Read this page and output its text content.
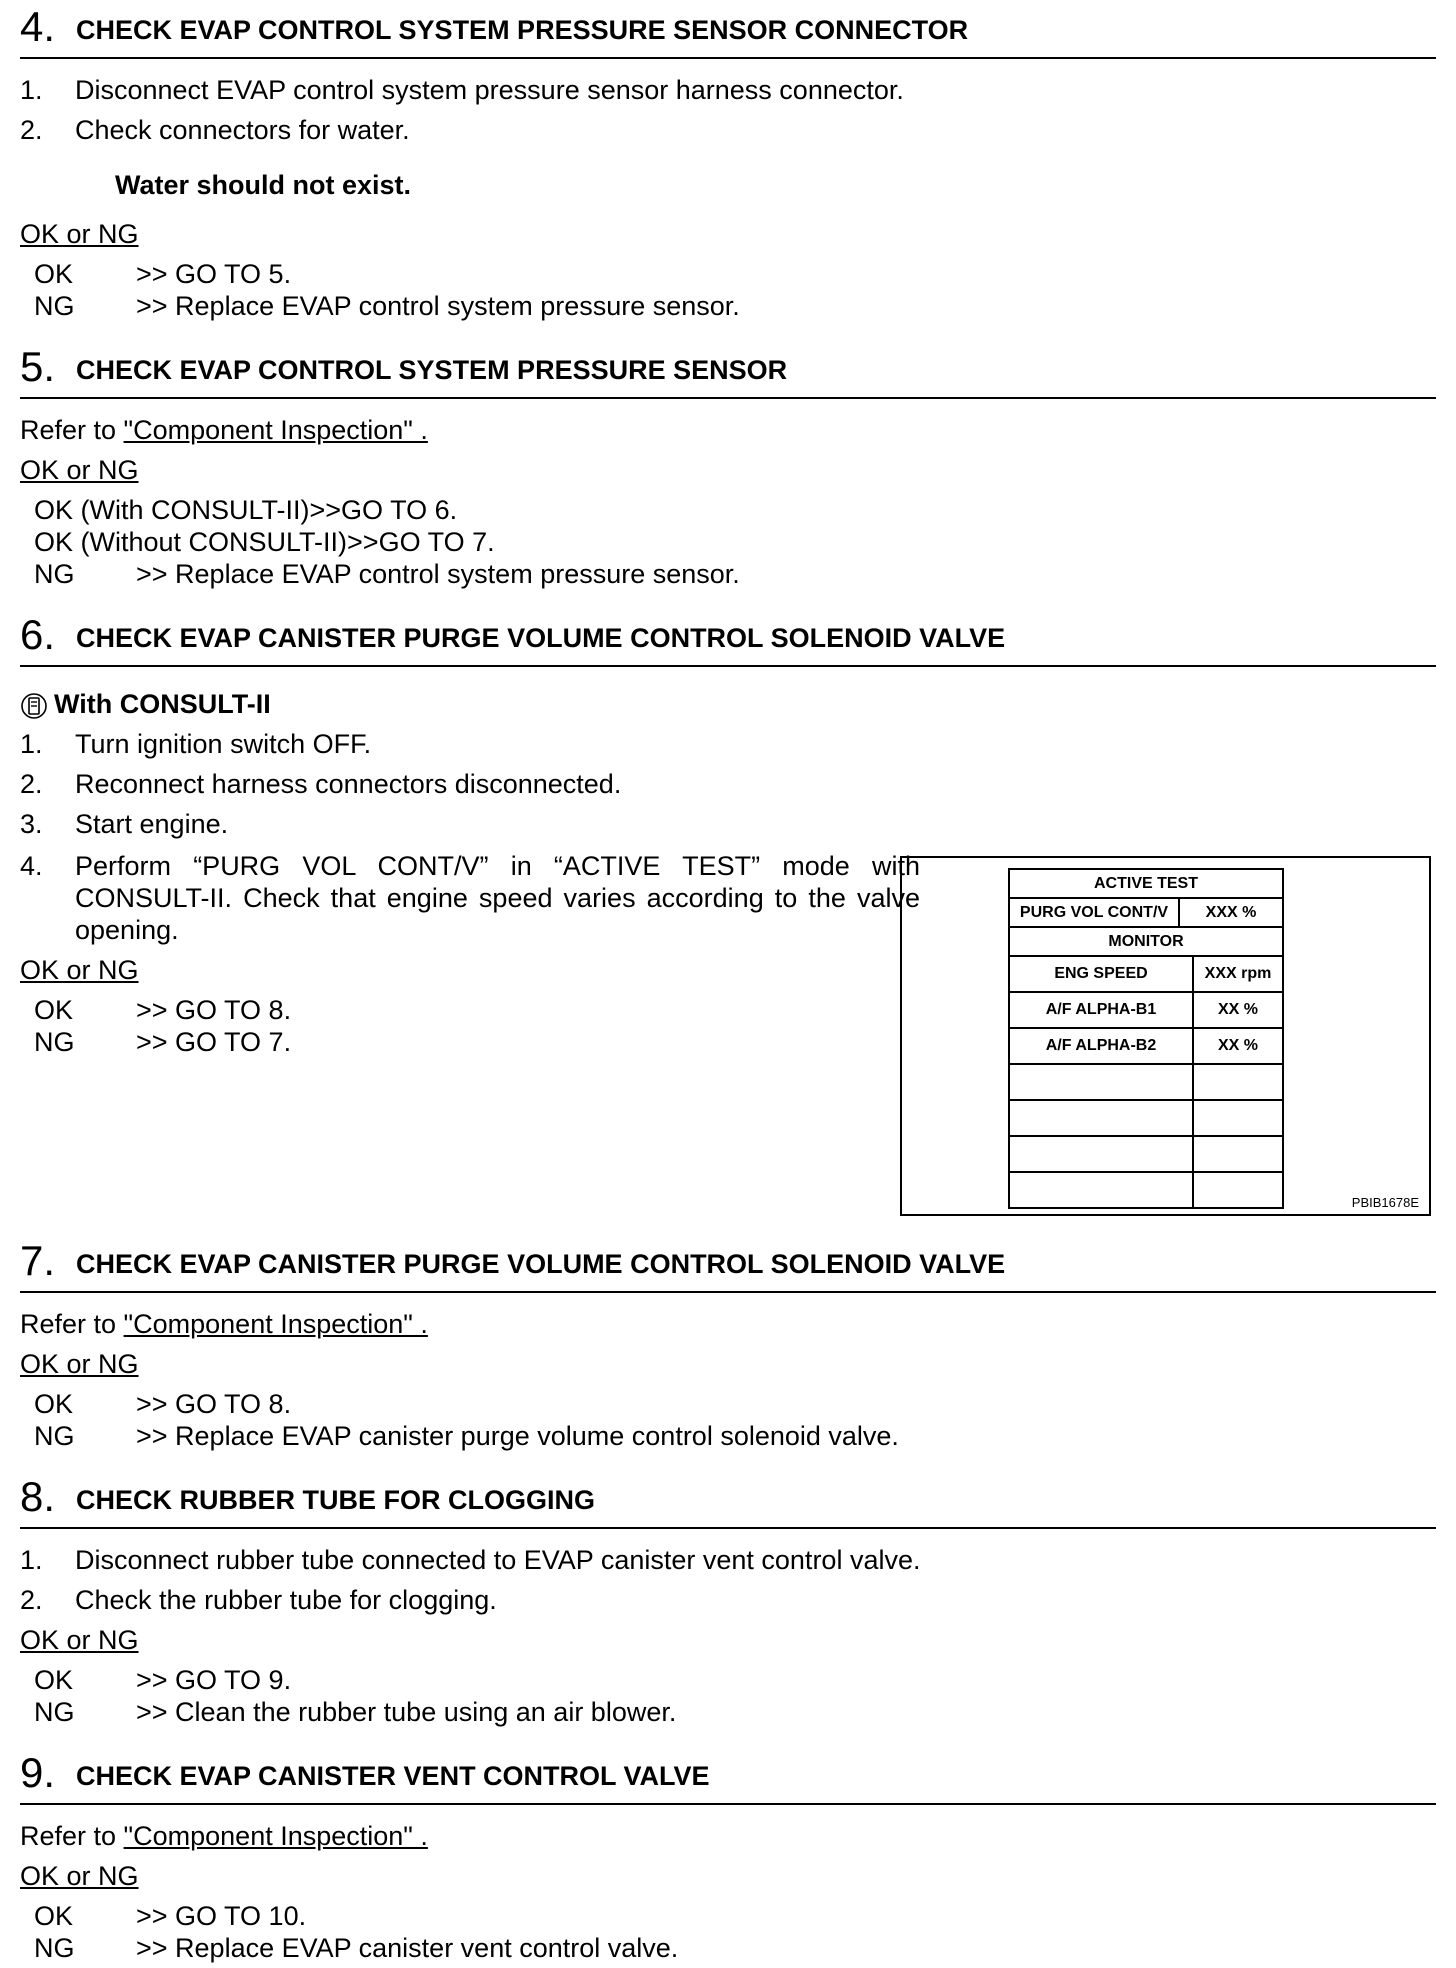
4. CHECK EVAP CONTROL SYSTEM PRESSURE SENSOR CONNECTOR
1. Disconnect EVAP control system pressure sensor harness connector.
2. Check connectors for water.
Water should not exist.
OK or NG
OK >> GO TO 5.
NG >> Replace EVAP control system pressure sensor.
5. CHECK EVAP CONTROL SYSTEM PRESSURE SENSOR
Refer to "Component Inspection" .
OK or NG
OK (With CONSULT-II)>>GO TO 6.
OK (Without CONSULT-II)>>GO TO 7.
NG >> Replace EVAP control system pressure sensor.
6. CHECK EVAP CANISTER PURGE VOLUME CONTROL SOLENOID VALVE
With CONSULT-II
1. Turn ignition switch OFF.
2. Reconnect harness connectors disconnected.
3. Start engine.
4. Perform “PURG VOL CONT/V” in “ACTIVE TEST” mode with CONSULT-II. Check that engine speed varies according to the valve opening.
OK or NG
OK >> GO TO 8.
NG >> GO TO 7.
7. CHECK EVAP CANISTER PURGE VOLUME CONTROL SOLENOID VALVE
Refer to "Component Inspection" .
OK or NG
OK >> GO TO 8.
NG >> Replace EVAP canister purge volume control solenoid valve.
8. CHECK RUBBER TUBE FOR CLOGGING
1. Disconnect rubber tube connected to EVAP canister vent control valve.
2. Check the rubber tube for clogging.
OK or NG
OK >> GO TO 9.
NG >> Clean the rubber tube using an air blower.
9. CHECK EVAP CANISTER VENT CONTROL VALVE
Refer to "Component Inspection" .
OK or NG
OK >> GO TO 10.
NG >> Replace EVAP canister vent control valve.
ACTIVE TEST
PURG VOL CONT/V	XXX %
MONITOR
ENG SPEED	XXX rpm
A/F ALPHA-B1	XX %
A/F ALPHA-B2	XX %

PBIB1678E
